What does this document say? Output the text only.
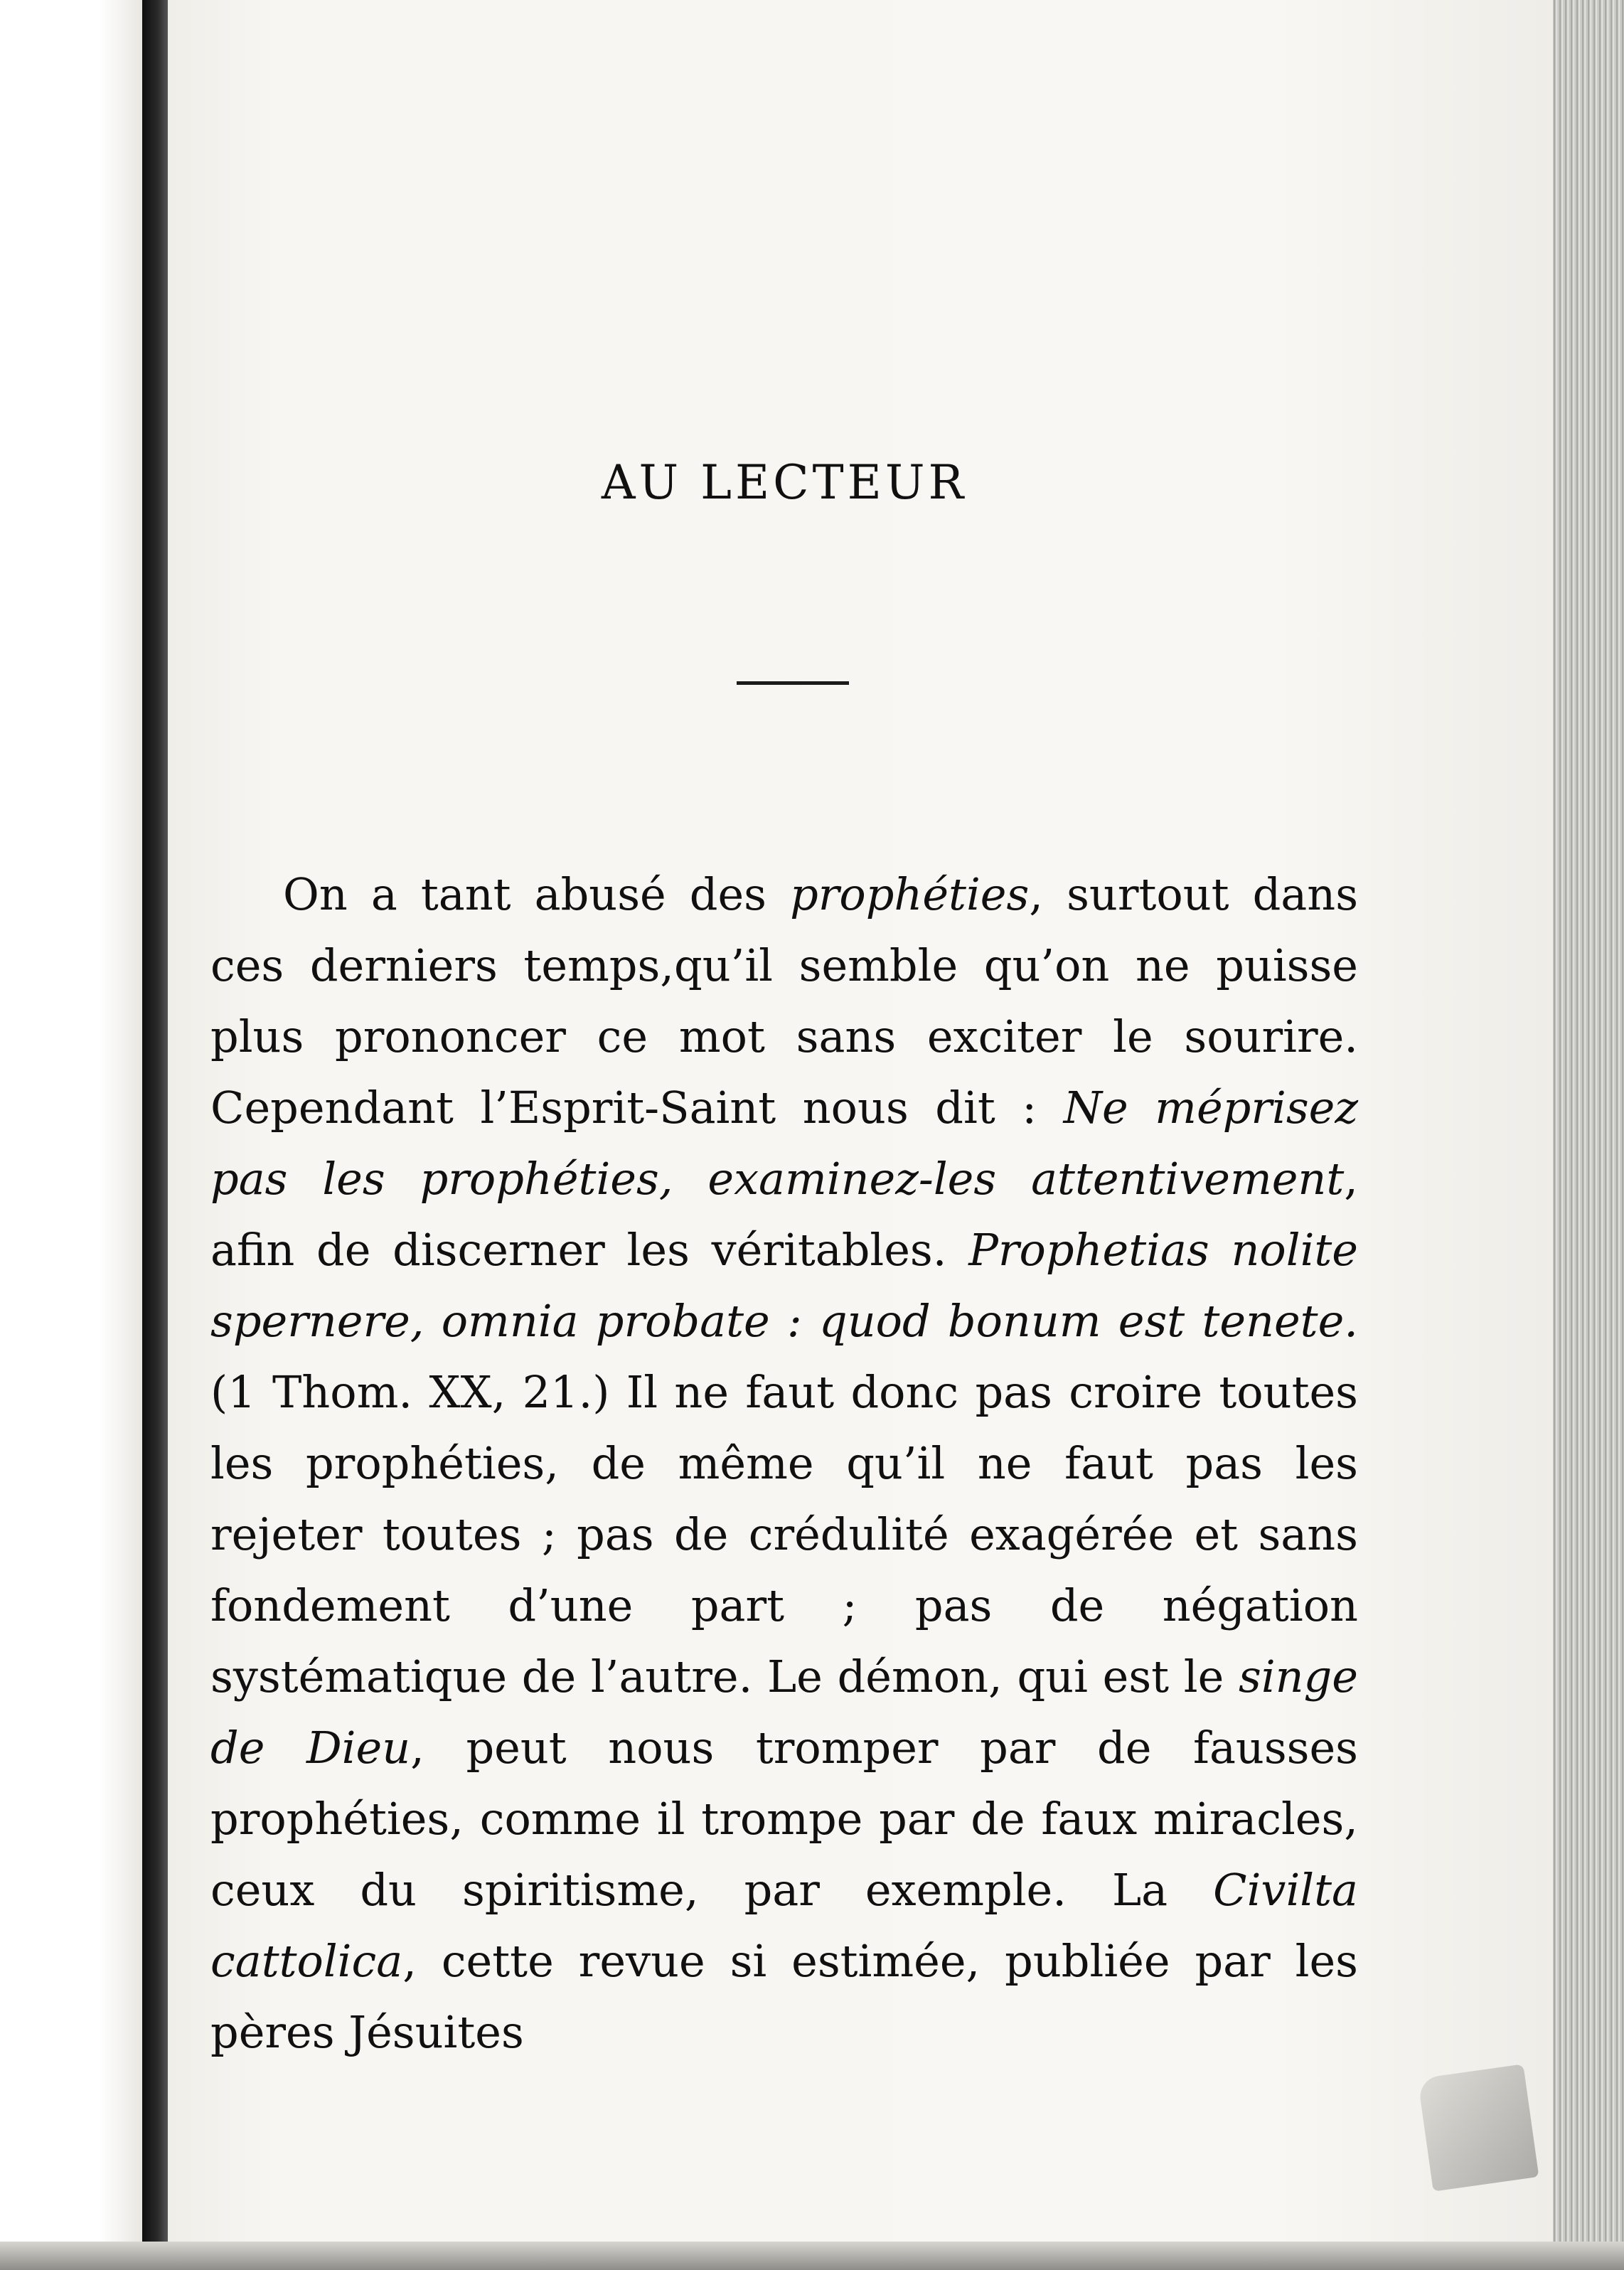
AU LECTEUR

On a tant abusé des prophéties, surtout dans ces derniers temps,qu’il semble qu’on ne puisse plus prononcer ce mot sans exciter le sourire. Cependant l’Esprit-Saint nous dit : Ne méprisez pas les prophéties, examinez-les attentivement, afin de discerner les véritables. Prophetias nolite spernere, omnia probate : quod bonum est tenete. (1 Thom. XX, 21.) Il ne faut donc pas croire toutes les prophéties, de même qu’il ne faut pas les rejeter toutes ; pas de crédulité exagérée et sans fondement d’une part ; pas de négation systématique de l’autre. Le démon, qui est le singe de Dieu, peut nous tromper par de fausses prophéties, comme il trompe par de faux miracles, ceux du spiritisme, par exemple. La Civilta cattolica, cette revue si estimée, publiée par les pères Jésuites
